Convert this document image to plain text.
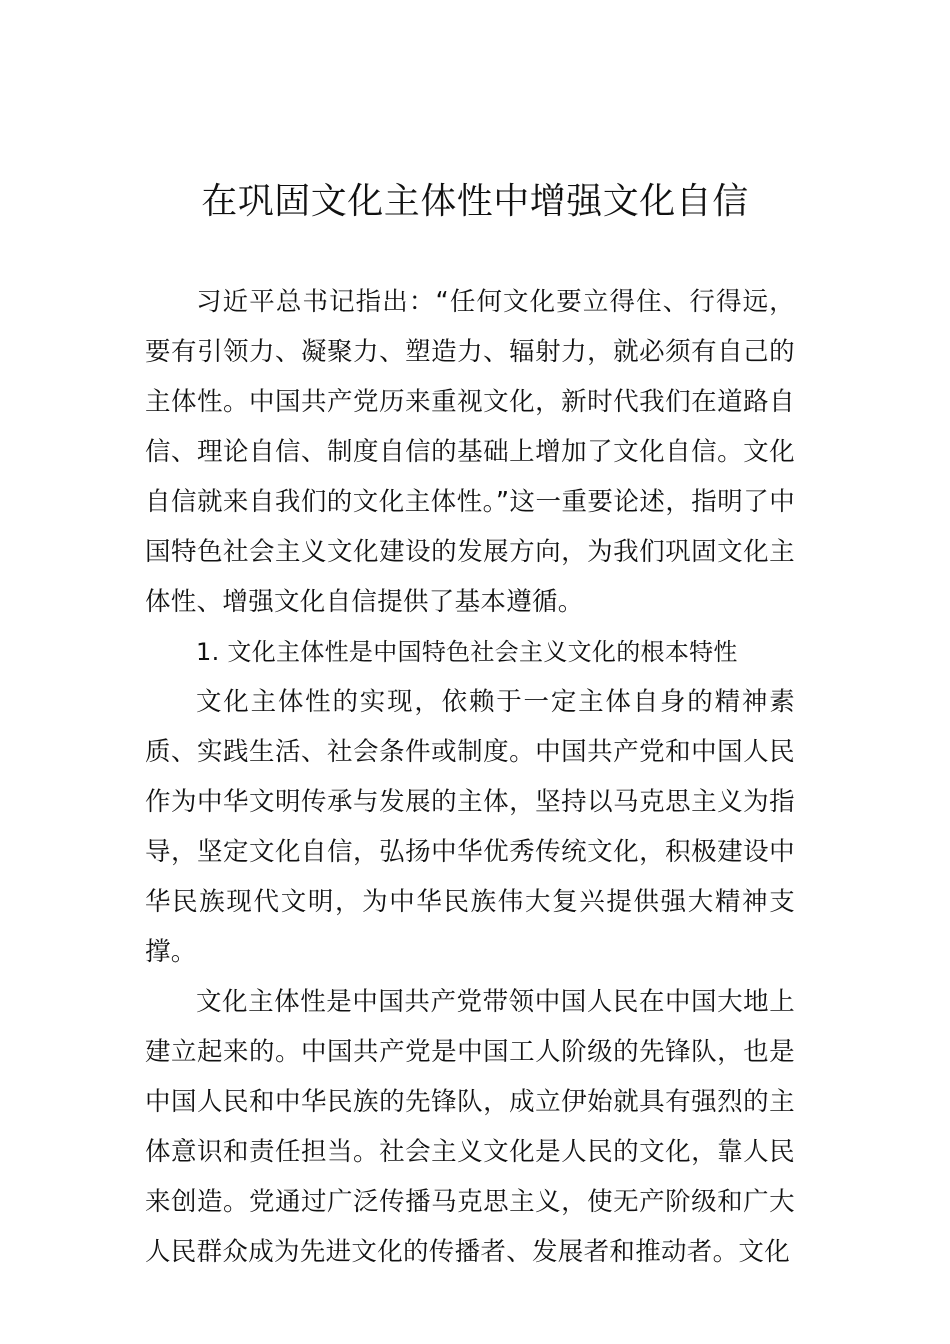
在巩固文化主体性中增强文化自信

习近平总书记指出：“任何文化要立得住、行得远，要有引领力、凝聚力、塑造力、辐射力，就必须有自己的主体性。中国共产党历来重视文化，新时代我们在道路自信、理论自信、制度自信的基础上增加了文化自信。文化自信就来自我们的文化主体性。”这一重要论述，指明了中国特色社会主义文化建设的发展方向，为我们巩固文化主体性、增强文化自信提供了基本遵循。

1. 文化主体性是中国特色社会主义文化的根本特性

文化主体性的实现，依赖于一定主体自身的精神素质、实践生活、社会条件或制度。中国共产党和中国人民作为中华文明传承与发展的主体，坚持以马克思主义为指导，坚定文化自信，弘扬中华优秀传统文化，积极建设中华民族现代文明，为中华民族伟大复兴提供强大精神支撑。

文化主体性是中国共产党带领中国人民在中国大地上建立起来的。中国共产党是中国工人阶级的先锋队，也是中国人民和中华民族的先锋队，成立伊始就具有强烈的主体意识和责任担当。社会主义文化是人民的文化，靠人民来创造。党通过广泛传播马克思主义，使无产阶级和广大人民群众成为先进文化的传播者、发展者和推动者。文化
